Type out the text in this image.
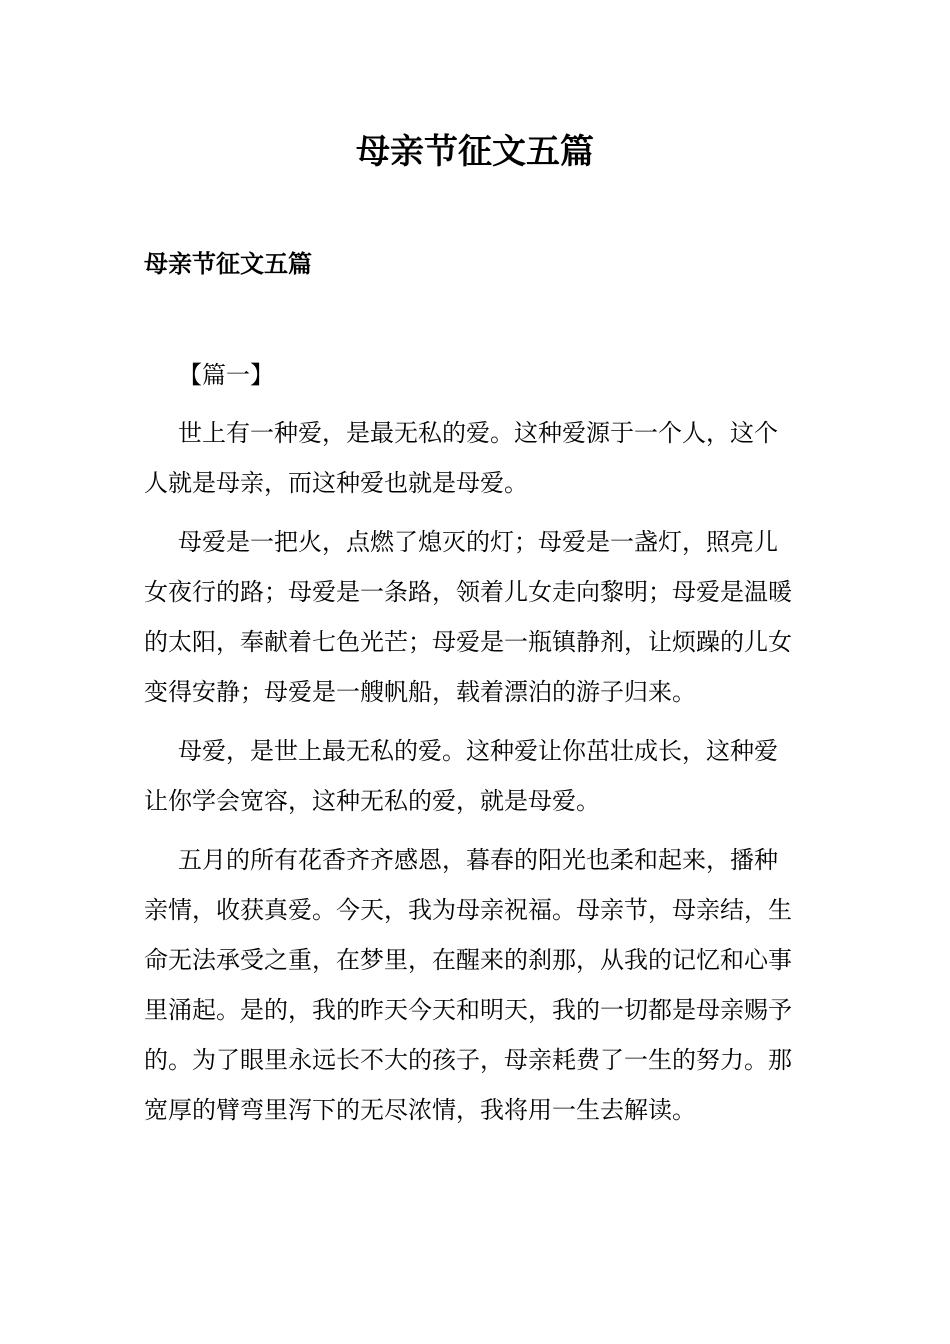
母亲节征文五篇
母亲节征文五篇

【篇一】

世上有一种爱，是最无私的爱。这种爱源于一个人，这个人就是母亲，而这种爱也就是母爱。

母爱是一把火，点燃了熄灭的灯；母爱是一盏灯，照亮儿女夜行的路；母爱是一条路，领着儿女走向黎明；母爱是温暖的太阳，奉献着七色光芒；母爱是一瓶镇静剂，让烦躁的儿女变得安静；母爱是一艘帆船，载着漂泊的游子归来。

母爱，是世上最无私的爱。这种爱让你茁壮成长，这种爱让你学会宽容，这种无私的爱，就是母爱。

五月的所有花香齐齐感恩，暮春的阳光也柔和起来，播种亲情，收获真爱。今天，我为母亲祝福。母亲节，母亲结，生命无法承受之重，在梦里，在醒来的刹那，从我的记忆和心事里涌起。是的，我的昨天今天和明天，我的一切都是母亲赐予的。为了眼里永远长不大的孩子，母亲耗费了一生的努力。那宽厚的臂弯里泻下的无尽浓情，我将用一生去解读。
